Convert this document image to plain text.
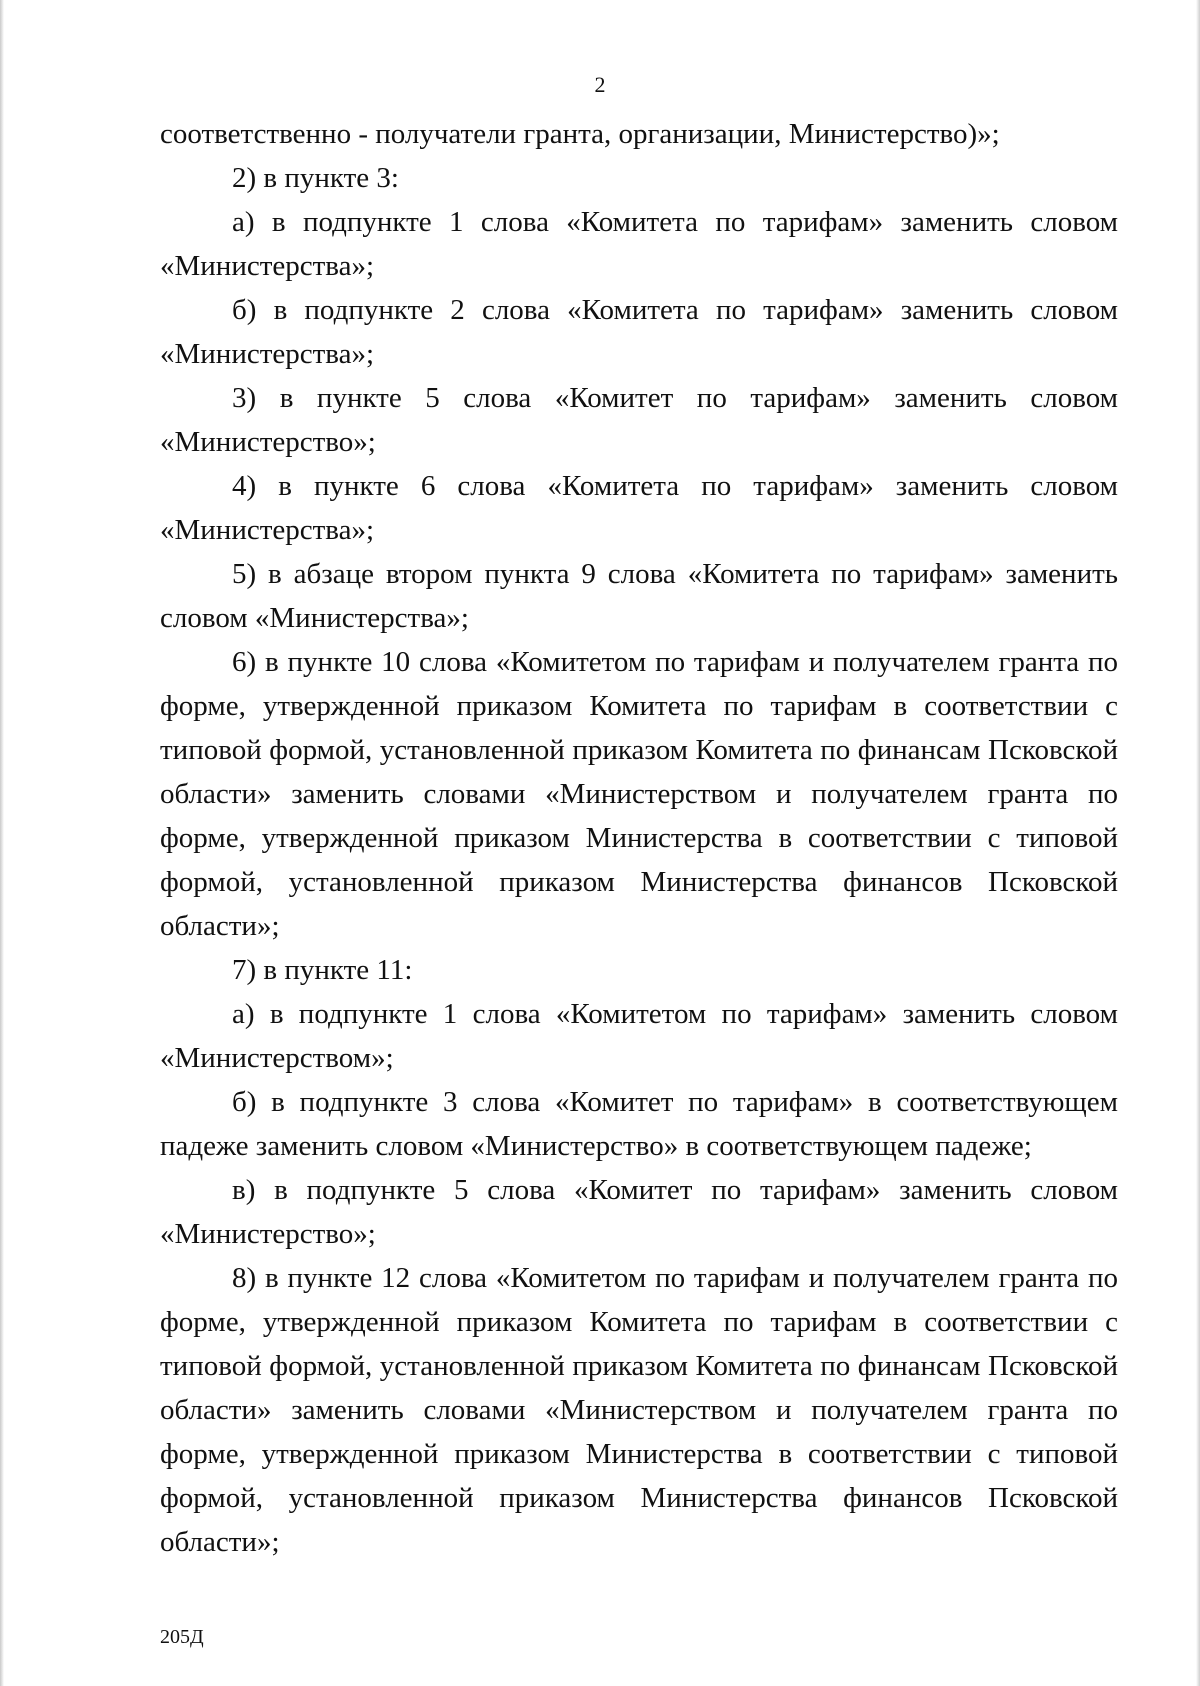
2

соответственно - получатели гранта, организации, Министерство)»;

2) в пункте 3:

а) в подпункте 1 слова «Комитета по тарифам» заменить словом «Министерства»;

б) в подпункте 2 слова «Комитета по тарифам» заменить словом «Министерства»;

3) в пункте 5 слова «Комитет по тарифам» заменить словом «Министерство»;

4) в пункте 6 слова «Комитета по тарифам» заменить словом «Министерства»;

5) в абзаце втором пункта 9 слова «Комитета по тарифам» заменить словом «Министерства»;

6) в пункте 10 слова «Комитетом по тарифам и получателем гранта по форме, утвержденной приказом Комитета по тарифам в соответствии с типовой формой, установленной приказом Комитета по финансам Псковской области» заменить словами «Министерством и получателем гранта по форме, утвержденной приказом Министерства в соответствии с типовой формой, установленной приказом Министерства финансов Псковской области»;

7) в пункте 11:

а) в подпункте 1 слова «Комитетом по тарифам» заменить словом «Министерством»;

б) в подпункте 3 слова «Комитет по тарифам» в соответствующем падеже заменить словом «Министерство» в соответствующем падеже;

в) в подпункте 5 слова «Комитет по тарифам» заменить словом «Министерство»;

8) в пункте 12 слова «Комитетом по тарифам и получателем гранта по форме, утвержденной приказом Комитета по тарифам в соответствии с типовой формой, установленной приказом Комитета по финансам Псковской области» заменить словами «Министерством и получателем гранта по форме, утвержденной приказом Министерства в соответствии с типовой формой, установленной приказом Министерства финансов Псковской области»;

205Д
